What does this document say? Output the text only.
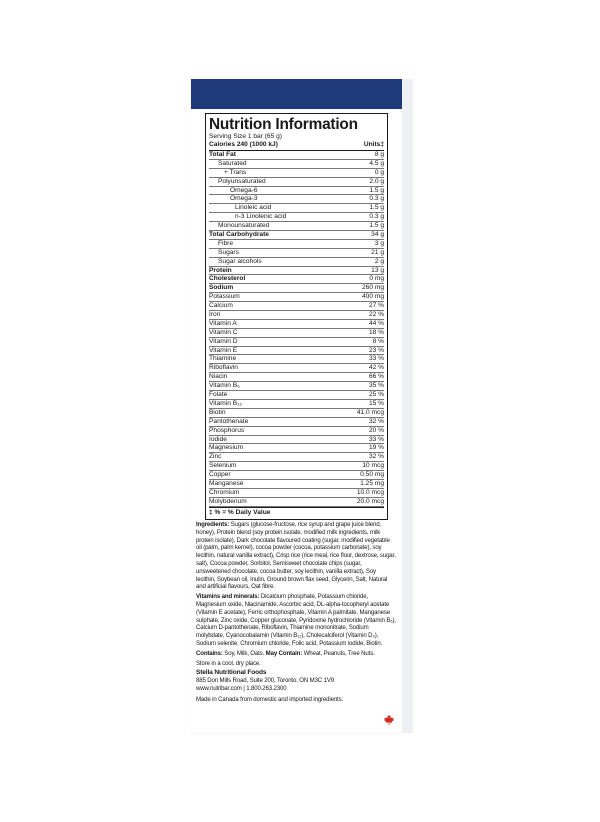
Nutrition Information
Serving Size 1 bar (65 g)
Calories 240 (1000 kJ)	Units‡
Total Fat	8 g
Saturated	4.5 g
+ Trans	0 g
Polyunsaturated	2.0 g
Omega-6	1.5 g
Omega-3	0.3 g
Linoleic acid	1.5 g
n-3 Linolenic acid	0.3 g
Monounsaturated	1.5 g
Total Carbohydrate	34 g
Fibre	3 g
Sugars	21 g
Sugar alcohols	2 g
Protein	13 g
Cholesterol	0 mg
Sodium	260 mg
Potassium	400 mg
Calcium	27 %
Iron	22 %
Vitamin A	44 %
Vitamin C	18 %
Vitamin D	8 %
Vitamin E	23 %
Thiamine	33 %
Riboflavin	42 %
Niacin	66 %
Vitamin B₆	35 %
Folate	25 %
Vitamin B₁₂	15 %
Biotin	41.0 mcg
Pantothenate	32 %
Phosphorus	20 %
Iodide	33 %
Magnesium	19 %
Zinc	32 %
Selenium	10 mcg
Copper	0.50 mg
Manganese	1.25 mg
Chromium	10.0 mcg
Molybdenum	20.0 mcg
‡ % = % Daily Value

Ingredients: Sugars (glucose-fructose, rice syrup and grape juice blend, honey), Protein blend (soy protein isolate, modified milk ingredients, milk protein isolate), Dark chocolate flavoured coating (sugar, modified vegetable oil (palm, palm kernel), cocoa powder (cocoa, potassium carbonate), soy lecithin, natural vanilla extract), Crisp rice (rice meal, rice flour, dextrose, sugar, salt), Cocoa powder, Sorbitol, Semisweet chocolate chips (sugar, unsweetened chocolate, cocoa butter, soy lecithin, vanilla extract), Soy lecithin, Soybean oil, Inulin, Ground brown flax seed, Glycerin, Salt, Natural and artificial flavours, Oat fibre.

Vitamins and minerals: Dicalcium phosphate, Potassium chloride, Magnesium oxide, Niacinamide, Ascorbic acid, DL-alpha-tocopheryl acetate (Vitamin E acetate), Ferric orthophosphate, Vitamin A palmitate, Manganese sulphate, Zinc oxide, Copper gluconate, Pyridoxine hydrochloride (Vitamin B₆), Calcium D-pantothenate, Riboflavin, Thiamine mononitrate, Sodium molybdate, Cyanocobalamin (Vitamin B₁₂), Cholecalciferol (Vitamin D₃), Sodium selenite, Chromium chloride, Folic acid, Potassium iodide, Biotin.

Contains: Soy, Milk, Oats. May Contain: Wheat, Peanuts, Tree Nuts.

Store in a cool, dry place.

Stella Nutritional Foods
885 Don Mills Road, Suite 200, Toronto, ON M3C 1V9
www.nutribar.com | 1.800.263.2300
Made in Canada from domestic and imported ingredients.
